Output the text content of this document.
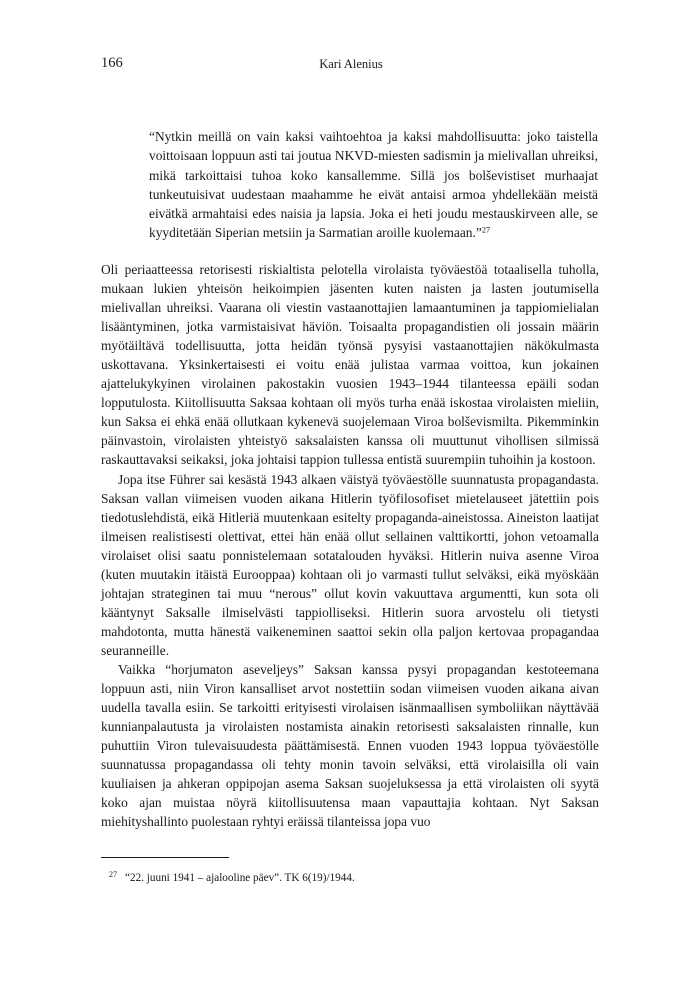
166	Kari Alenius
“Nytkin meillä on vain kaksi vaihtoehtoa ja kaksi mahdollisuutta: joko taistella voittoisaan loppuun asti tai joutua NKVD-miesten sadismin ja mielivallan uhreiksi, mikä tarkoittaisi tuhoa koko kansallemme. Sillä jos bolševistiset murhaajat tunkeutuisivat uudestaan maahamme he eivät antaisi armoa yhdellekään meistä eivätkä armahtaisi edes naisia ja lapsia. Joka ei heti joudu mestauskirveen alle, se kyyditetään Siperian metsiin ja Sarmatian aroille kuolemaan.”$^{27}$

Oli periaatteessa retorisesti riskialtista pelotella virolaista työväestöä totaalisella tuholla, mukaan lukien yhteisön heikoimpien jäsenten kuten naisten ja lasten joutumisella mielivallan uhreiksi. Vaarana oli viestin vastaanottajien lamaantuminen ja tappiomielialan lisääntyminen, jotka varmistaisivat häviön. Toisaalta propagandistien oli jossain määrin myötäiltävä todellisuutta, jotta heidän työnsä pysyisi vastaanottajien näkökulmasta uskottavana. Yksinkertaisesti ei voitu enää julistaa varmaa voittoa, kun jokainen ajattelukykyinen virolainen pakostakin vuosien 1943–1944 tilanteessa epäili sodan lopputulosta. Kiitollisuutta Saksaa kohtaan oli myös turha enää iskostaa virolaisten mieliin, kun Saksa ei ehkä enää ollutkaan kykenevä suojelemaan Viroa bolševismilta. Pikemminkin päinvastoin, virolaisten yhteistyö saksalaisten kanssa oli muuttunut vihollisen silmissä raskauttavaksi seikaksi, joka johtaisi tappion tullessa entistä suurempiin tuhoihin ja kostoon.

Jopa itse Führer sai kesästä 1943 alkaen väistyä työväestölle suunnatusta propagandasta. Saksan vallan viimeisen vuoden aikana Hitlerin työfilosofiset mietelauseet jätettiin pois tiedotuslehdistä, eikä Hitleriä muutenkaan esitelty propaganda-aineistossa. Aineiston laatijat ilmeisen realistisesti olettivat, ettei hän enää ollut sellainen valttikortti, johon vetoamalla virolaiset olisi saatu ponnistelemaan sotatalouden hyväksi. Hitlerin nuiva asenne Viroa (kuten muutakin itäistä Eurooppaa) kohtaan oli jo varmasti tullut selväksi, eikä myöskään johtajan strateginen tai muu “nerous” ollut kovin vakuuttava argumentti, kun sota oli kääntynyt Saksalle ilmiselvästi tappiolliseksi. Hitlerin suora arvostelu oli tietysti mahdotonta, mutta hänestä vaikeneminen saattoi sekin olla paljon kertovaa propagandaa seuranneille.

Vaikka “horjumaton aseveljeys” Saksan kanssa pysyi propagandan kestoteemana loppuun asti, niin Viron kansalliset arvot nostettiin sodan viimeisen vuoden aikana aivan uudella tavalla esiin. Se tarkoitti erityisesti virolaisen isänmaallisen symboliikan näyttävää kunnianpalautusta ja virolaisten nostamista ainakin retorisesti saksalaisten rinnalle, kun puhuttiin Viron tulevaisuudesta päättämisestä. Ennen vuoden 1943 loppua työväestölle suunnatussa propagandassa oli tehty monin tavoin selväksi, että virolaisilla oli vain kuuliaisen ja ahkeran oppipojan asema Saksan suojeluksessa ja että virolaisten oli syytä koko ajan muistaa nöyrä kiitollisuutensa maan vapauttajia kohtaan. Nyt Saksan miehityshallinto puolestaan ryhtyi eräissä tilanteissa jopa vuo

$^{27}$ “22. juuni 1941 – ajalooline päev”. TK 6(19)/1944.
